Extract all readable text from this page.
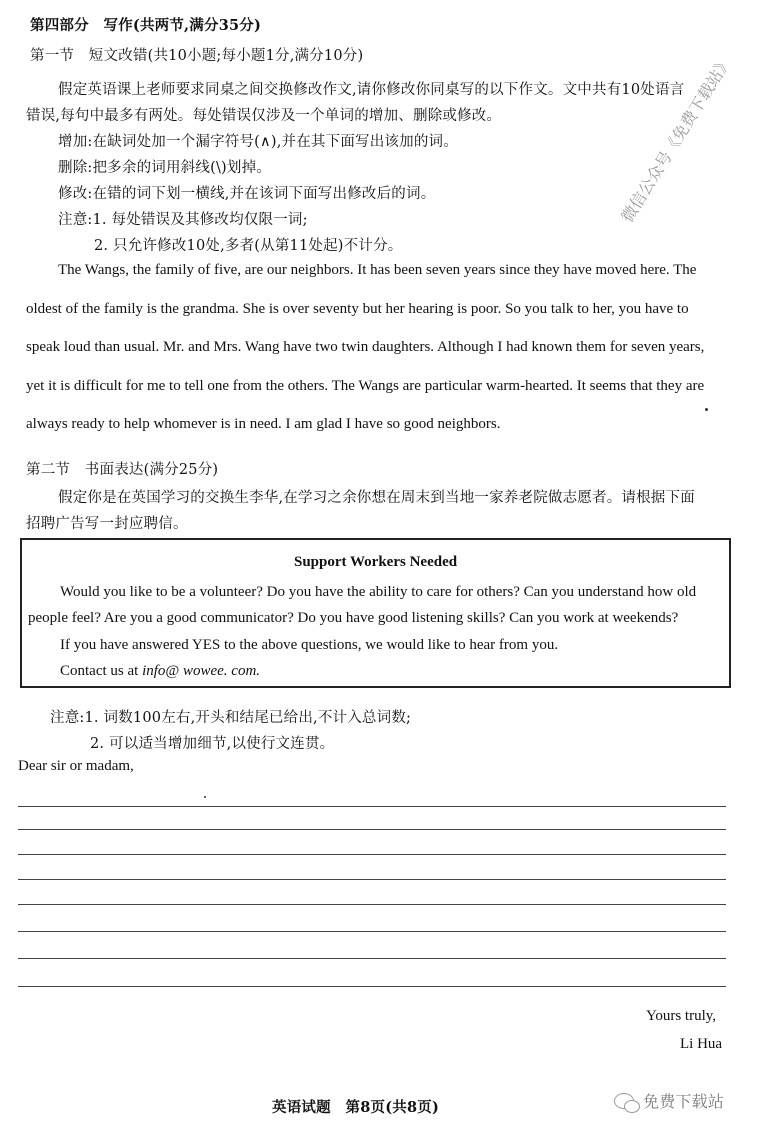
第四部分　写作(共两节,满分35分)
第一节　短文改错(共10小题;每小题1分,满分10分)
假定英语课上老师要求同桌之间交换修改作文,请你修改你同桌写的以下作文。文中共有10处语言
错误,每句中最多有两处。每处错误仅涉及一个单词的增加、删除或修改。
增加:在缺词处加一个漏字符号(∧),并在其下面写出该加的词。
删除:把多余的词用斜线(\)划掉。
修改:在错的词下划一横线,并在该词下面写出修改后的词。
注意:1. 每处错误及其修改均仅限一词;
2. 只允许修改10处,多者(从第11处起)不计分。
The Wangs, the family of five, are our neighbors. It has been seven years since they have moved here. The
oldest of the family is the grandma. She is over seventy but her hearing is poor. So you talk to her, you have to
speak loud than usual. Mr. and Mrs. Wang have two twin daughters. Although I had known them for seven years,
yet it is difficult for me to tell one from the others. The Wangs are particular warm-hearted. It seems that they are
always ready to help whomever is in need. I am glad I have so good neighbors.
微信公众号《免费下载站》
第二节　书面表达(满分25分)
假定你是在英国学习的交换生李华,在学习之余你想在周末到当地一家养老院做志愿者。请根据下面
招聘广告写一封应聘信。
Support Workers Needed
Would you like to be a volunteer? Do you have the ability to care for others? Can you understand how old
people feel? Are you a good communicator? Do you have good listening skills? Can you work at weekends?
If you have answered YES to the above questions, we would like to hear from you.
Contact us at info@ wowee. com.
注意:1. 词数100左右,开头和结尾已给出,不计入总词数;
2. 可以适当增加细节,以使行文连贯。
Dear sir or madam,
Yours truly,
Li Hua
英语试题　第8页(共8页)	免费下载站
